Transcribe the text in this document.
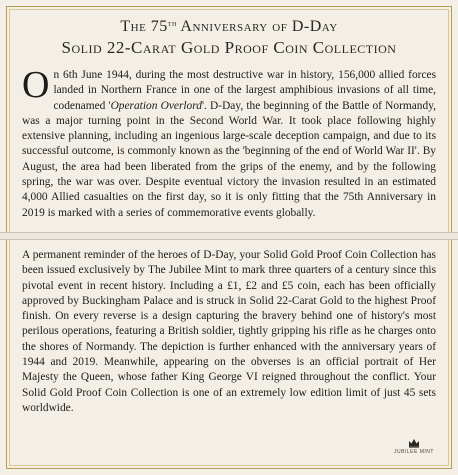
The 75th Anniversary of D-Day
Solid 22-Carat Gold Proof Coin Collection
On 6th June 1944, during the most destructive war in history, 156,000 allied forces landed in Northern France in one of the largest amphibious invasions of all time, codenamed 'Operation Overlord'. D-Day, the beginning of the Battle of Normandy, was a major turning point in the Second World War. It took place following highly extensive planning, including an ingenious large-scale deception campaign, and due to its successful outcome, is commonly known as the 'beginning of the end of World War II'. By August, the area had been liberated from the grips of the enemy, and by the following spring, the war was over. Despite eventual victory the invasion resulted in an estimated 4,000 Allied casualties on the first day, so it is only fitting that the 75th Anniversary in 2019 is marked with a series of commemorative events globally.
A permanent reminder of the heroes of D-Day, your Solid Gold Proof Coin Collection has been issued exclusively by The Jubilee Mint to mark three quarters of a century since this pivotal event in recent history. Including a £1, £2 and £5 coin, each has been officially approved by Buckingham Palace and is struck in Solid 22-Carat Gold to the highest Proof finish. On every reverse is a design capturing the bravery behind one of history's most perilous operations, featuring a British soldier, tightly gripping his rifle as he charges onto the shores of Normandy. The depiction is further enhanced with the anniversary years of 1944 and 2019. Meanwhile, appearing on the obverses is an official portrait of Her Majesty the Queen, whose father King George VI reigned throughout the conflict. Your Solid Gold Proof Coin Collection is one of an extremely low edition limit of just 45 sets worldwide.
JUBILEE MINT
